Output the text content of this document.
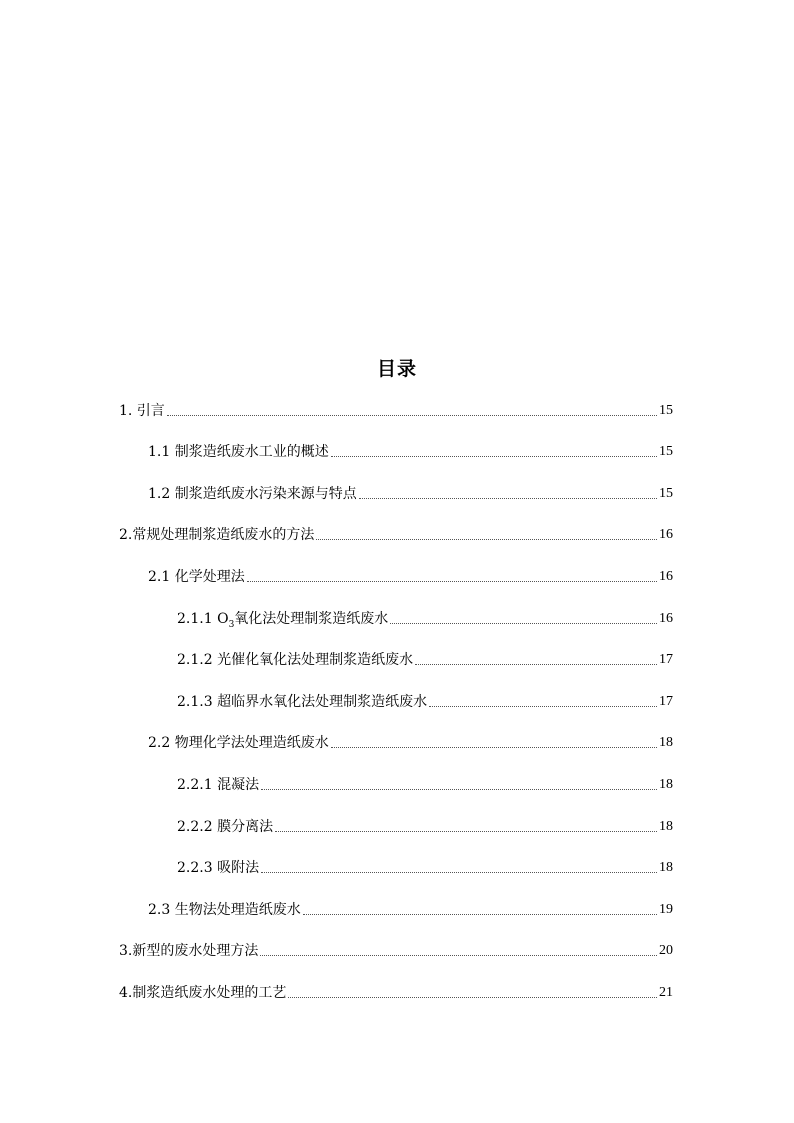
目录
1. 引言	15
1.1 制浆造纸废水工业的概述	15
1.2 制浆造纸废水污染来源与特点	15
2.常规处理制浆造纸废水的方法	16
2.1 化学处理法	16
2.1.1 $O_3$氧化法处理制浆造纸废水	16
2.1.2 光催化氧化法处理制浆造纸废水	17
2.1.3 超临界水氧化法处理制浆造纸废水	17
2.2 物理化学法处理造纸废水	18
2.2.1 混凝法	18
2.2.2 膜分离法	18
2.2.3 吸附法	18
2.3 生物法处理造纸废水	19
3.新型的废水处理方法	20
4.制浆造纸废水处理的工艺	21
